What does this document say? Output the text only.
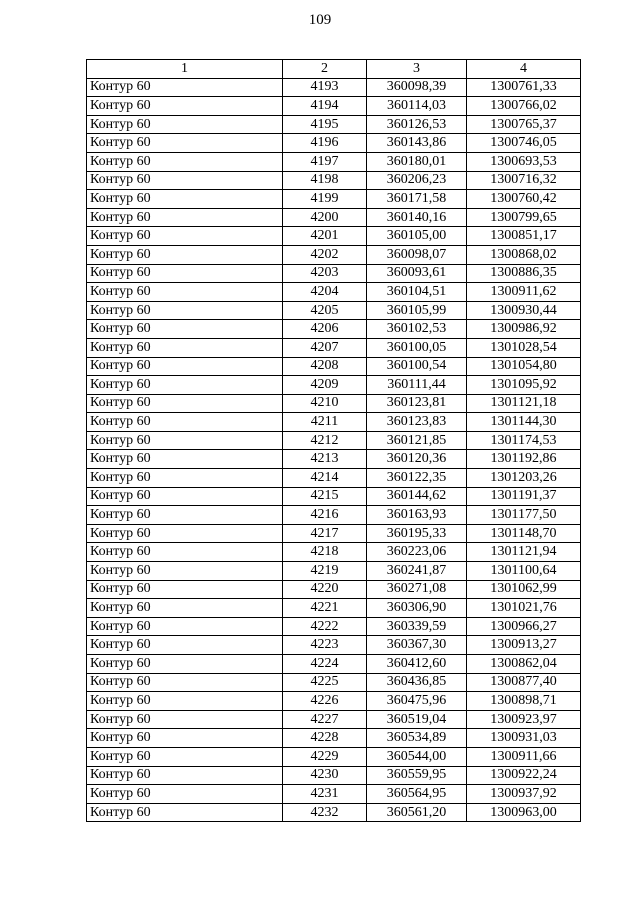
109
1	2	3	4
Контур 60	4193	360098,39	1300761,33
Контур 60	4194	360114,03	1300766,02
Контур 60	4195	360126,53	1300765,37
Контур 60	4196	360143,86	1300746,05
Контур 60	4197	360180,01	1300693,53
Контур 60	4198	360206,23	1300716,32
Контур 60	4199	360171,58	1300760,42
Контур 60	4200	360140,16	1300799,65
Контур 60	4201	360105,00	1300851,17
Контур 60	4202	360098,07	1300868,02
Контур 60	4203	360093,61	1300886,35
Контур 60	4204	360104,51	1300911,62
Контур 60	4205	360105,99	1300930,44
Контур 60	4206	360102,53	1300986,92
Контур 60	4207	360100,05	1301028,54
Контур 60	4208	360100,54	1301054,80
Контур 60	4209	360111,44	1301095,92
Контур 60	4210	360123,81	1301121,18
Контур 60	4211	360123,83	1301144,30
Контур 60	4212	360121,85	1301174,53
Контур 60	4213	360120,36	1301192,86
Контур 60	4214	360122,35	1301203,26
Контур 60	4215	360144,62	1301191,37
Контур 60	4216	360163,93	1301177,50
Контур 60	4217	360195,33	1301148,70
Контур 60	4218	360223,06	1301121,94
Контур 60	4219	360241,87	1301100,64
Контур 60	4220	360271,08	1301062,99
Контур 60	4221	360306,90	1301021,76
Контур 60	4222	360339,59	1300966,27
Контур 60	4223	360367,30	1300913,27
Контур 60	4224	360412,60	1300862,04
Контур 60	4225	360436,85	1300877,40
Контур 60	4226	360475,96	1300898,71
Контур 60	4227	360519,04	1300923,97
Контур 60	4228	360534,89	1300931,03
Контур 60	4229	360544,00	1300911,66
Контур 60	4230	360559,95	1300922,24
Контур 60	4231	360564,95	1300937,92
Контур 60	4232	360561,20	1300963,00
